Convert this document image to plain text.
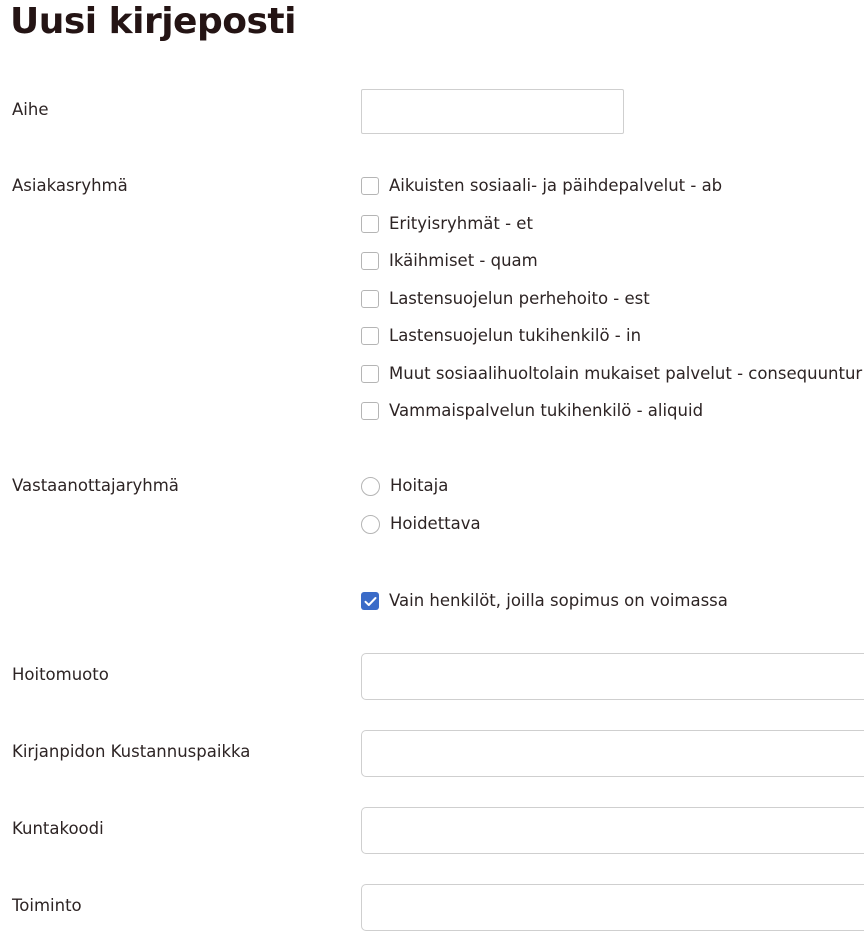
Uusi kirjeposti
Aihe
Asiakasryhmä	Aikuisten sosiaali- ja päihdepalvelut - ab
Erityisryhmät - et
Ikäihmiset - quam
Lastensuojelun perhehoito - est
Lastensuojelun tukihenkilö - in
Muut sosiaalihuoltolain mukaiset palvelut - consequuntur
Vammaispalvelun tukihenkilö - aliquid
Vastaanottajaryhmä	Hoitaja
Hoidettava
Vain henkilöt, joilla sopimus on voimassa
Hoitomuoto
Kirjanpidon Kustannuspaikka
Kuntakoodi
Toiminto
